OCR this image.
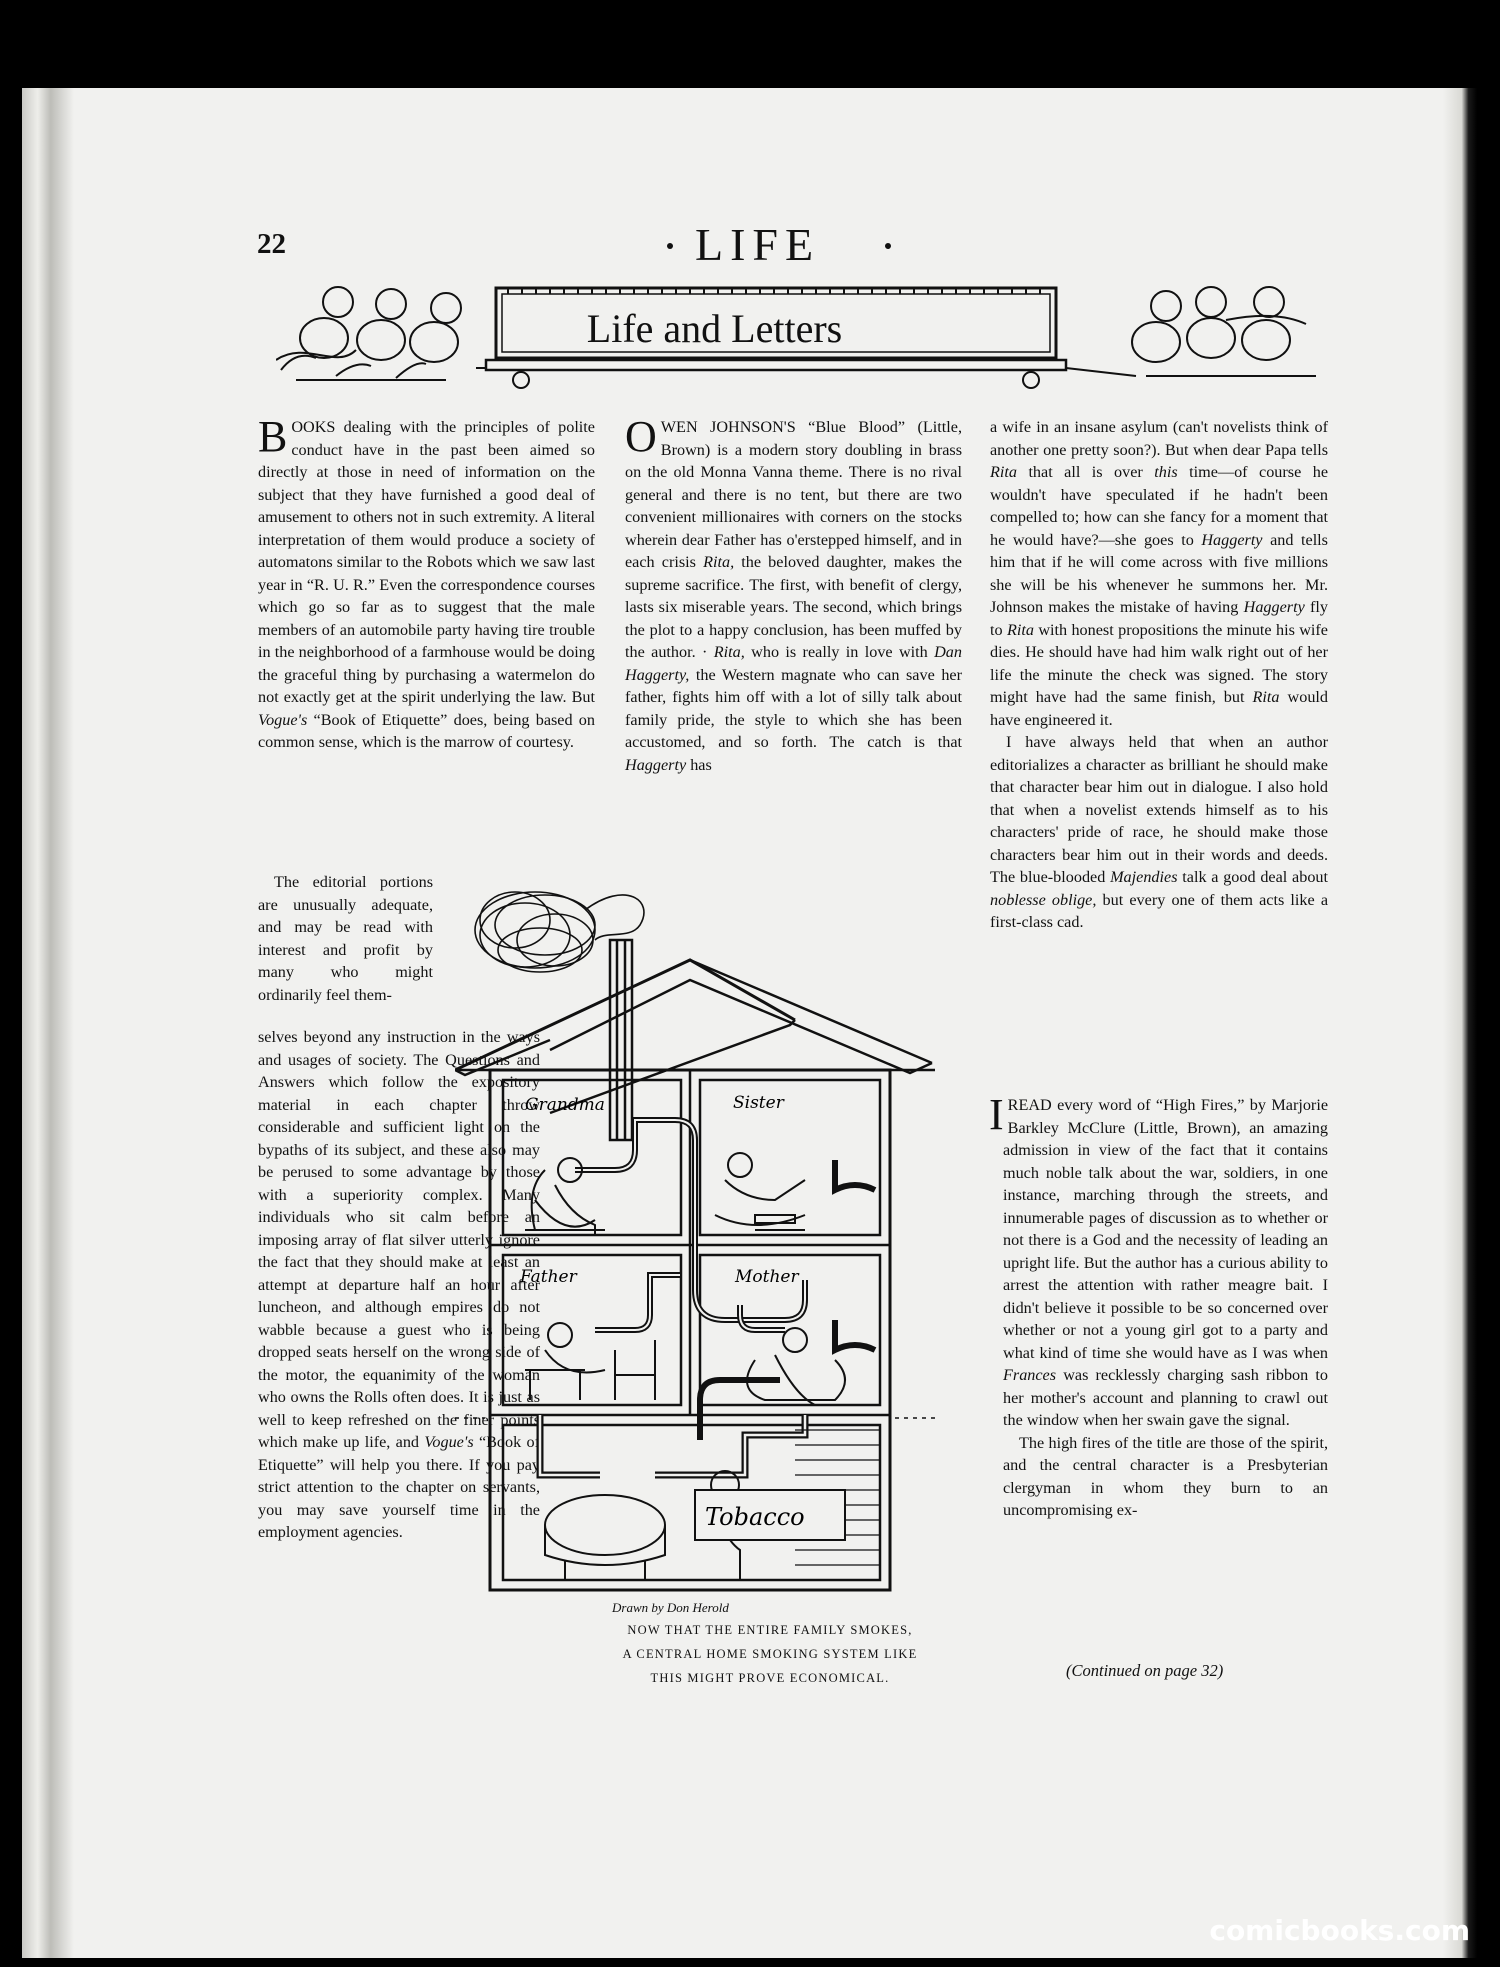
22	LIFE
Life and Letters

BOOKS dealing with the principles of polite conduct have in the past been aimed so directly at those in need of information on the subject that they have furnished a good deal of amusement to others not in such extremity. A literal interpretation of them would produce a society of automatons similar to the Robots which we saw last year in “R. U. R.” Even the correspondence courses which go so far as to suggest that the male members of an automobile party having tire trouble in the neighborhood of a farmhouse would be doing the graceful thing by purchasing a watermelon do not exactly get at the spirit underlying the law. But Vogue's “Book of Etiquette” does, being based on common sense, which is the marrow of courtesy.

The editorial portions are unusually adequate, and may be read with interest and profit by many who might ordinarily feel them-

selves beyond any instruction in the ways and usages of society. The Questions and Answers which follow the expository material in each chapter throw considerable and sufficient light on the bypaths of its subject, and these also may be perused to some advantage by those with a superiority complex. Many individuals who sit calm before an imposing array of flat silver utterly ignore the fact that they should make at least an attempt at departure half an hour after luncheon, and although empires do not wabble because a guest who is being dropped seats herself on the wrong side of the motor, the equanimity of the woman who owns the Rolls often does. It is just as well to keep refreshed on the finer points which make up life, and Vogue's “Book of Etiquette” will help you there. If you pay strict attention to the chapter on servants, you may save yourself time in the employment agencies.

OWEN JOHNSON'S “Blue Blood” (Little, Brown) is a modern story doubling in brass on the old Monna Vanna theme. There is no rival general and there is no tent, but there are two convenient millionaires with corners on the stocks wherein dear Father has o'erstepped himself, and in each crisis Rita, the beloved daughter, makes the supreme sacrifice. The first, with benefit of clergy, lasts six miserable years. The second, which brings the plot to a happy conclusion, has been muffed by the author. · Rita, who is really in love with Dan Haggerty, the Western magnate who can save her father, fights him off with a lot of silly talk about family pride, the style to which she has been accustomed, and so forth. The catch is that Haggerty has

a wife in an insane asylum (can't novelists think of another one pretty soon?). But when dear Papa tells Rita that all is over this time—of course he wouldn't have speculated if he hadn't been compelled to; how can she fancy for a moment that he would have?—she goes to Haggerty and tells him that if he will come across with five millions she will be his whenever he summons her. Mr. Johnson makes the mistake of having Haggerty fly to Rita with honest propositions the minute his wife dies. He should have had him walk right out of her life the minute the check was signed. The story might have had the same finish, but Rita would have engineered it.

I have always held that when an author editorializes a character as brilliant he should make that character bear him out in dialogue. I also hold that when a novelist extends himself as to his characters' pride of race, he should make those characters bear him out in their words and deeds. The blue-blooded Majendies talk a good deal about noblesse oblige, but every one of them acts like a first-class cad.

I READ every word of “High Fires,” by Marjorie Barkley McClure (Little, Brown), an amazing admission in view of the fact that it contains much noble talk about the war, soldiers, in one instance, marching through the streets, and innumerable pages of discussion as to whether or not there is a God and the necessity of leading an upright life. But the author has a curious ability to arrest the attention with rather meagre bait. I didn't believe it possible to be so concerned over whether or not a young girl got to a party and what kind of time she would have as I was when Frances was recklessly charging sash ribbon to her mother's account and planning to crawl out the window when her swain gave the signal.

The high fires of the title are those of the spirit, and the central character is a Presbyterian clergyman in whom they burn to an uncompromising ex-

(Continued on page 32)
Grandma	Sister
Father	Mother
Tobacco
Drawn by Don Herold
NOW THAT THE ENTIRE FAMILY SMOKES,
A CENTRAL HOME SMOKING SYSTEM LIKE
THIS MIGHT PROVE ECONOMICAL.
comicbooks.com
